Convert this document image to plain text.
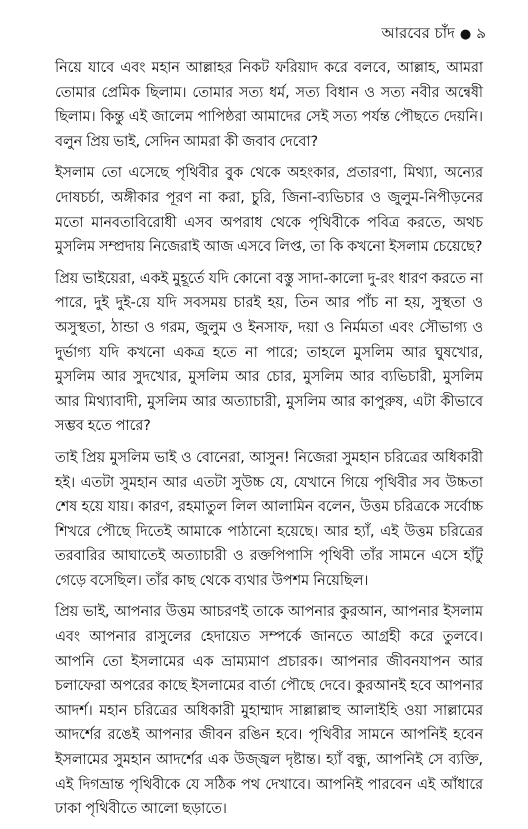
আরবের চাঁদ ● ৯

নিয়ে যাবে এবং মহান আল্লাহর নিকট ফরিয়াদ করে বলবে, আল্লাহ, আমরা তোমার প্রেমিক ছিলাম। তোমার সত্য ধর্ম, সত্য বিধান ও সত্য নবীর অন্বেষী ছিলাম। কিন্তু এই জালেম পাপিষ্ঠরা আমাদের সেই সত্য পর্যন্ত পৌছতে দেয়নি। বলুন প্রিয় ভাই, সেদিন আমরা কী জবাব দেবো?

ইসলাম তো এসেছে পৃথিবীর বুক থেকে অহংকার, প্রতারণা, মিথ্যা, অন্যের দোষচর্চা, অঙ্গীকার পূরণ না করা, চুরি, জিনা-ব্যভিচার ও জুলুম-নিপীড়নের মতো মানবতাবিরোধী এসব অপরাধ থেকে পৃথিবীকে পবিত্র করতে, অথচ মুসলিম সম্প্রদায় নিজেরাই আজ এসবে লিপ্ত, তা কি কখনো ইসলাম চেয়েছে?

প্রিয় ভাইয়েরা, একই মুহূর্তে যদি কোনো বস্তু সাদা-কালো দু-রং ধারণ করতে না পারে, দুই দুই-য়ে যদি সবসময় চারই হয়, তিন আর পাঁচ না হয়, সুস্থতা ও অসুস্থতা, ঠান্ডা ও গরম, জুলুম ও ইনসাফ, দয়া ও নির্মমতা এবং সৌভাগ্য ও দুর্ভাগ্য যদি কখনো একত্র হতে না পারে; তাহলে মুসলিম আর ঘুষখোর, মুসলিম আর সুদখোর, মুসলিম আর চোর, মুসলিম আর ব্যভিচারী, মুসলিম আর মিথ্যাবাদী, মুসলিম আর অত্যাচারী, মুসলিম আর কাপুরুষ, এটা কীভাবে সম্ভব হতে পারে?

তাই প্রিয় মুসলিম ভাই ও বোনেরা, আসুন! নিজেরা সুমহান চরিত্রের অধিকারী হই। এতটা সুমহান আর এতটা সুউচ্চ যে, যেখানে গিয়ে পৃথিবীর সব উচ্চতা শেষ হয়ে যায়। কারণ, রহমাতুল লিল আলামিন বলেন, উত্তম চরিত্রকে সর্বোচ্চ শিখরে পৌছে দিতেই আমাকে পাঠানো হয়েছে। আর হ্যাঁ, এই উত্তম চরিত্রের তরবারির আঘাতেই অত্যাচারী ও রক্তপিপাসি পৃথিবী তাঁর সামনে এসে হাঁটু গেড়ে বসেছিল। তাঁর কাছ থেকে ব্যথার উপশম নিয়েছিল।

প্রিয় ভাই, আপনার উত্তম আচরণই তাকে আপনার কুরআন, আপনার ইসলাম এবং আপনার রাসুলের হেদায়েত সম্পর্কে জানতে আগ্রহী করে তুলবে। আপনি তো ইসলামের এক ভ্রাম্যমাণ প্রচারক। আপনার জীবনযাপন আর চলাফেরা অপরের কাছে ইসলামের বার্তা পৌছে দেবে। কুরআনই হবে আপনার আদর্শ। মহান চরিত্রের অধিকারী মুহাম্মাদ সাল্লাল্লাহু আলাইহি ওয়া সাল্লামের আদর্শের রঙেই আপনার জীবন রঙিন হবে। পৃথিবীর সামনে আপনিই হবেন ইসলামের সুমহান আদর্শের এক উজ্জ্বল দৃষ্টান্ত। হ্যাঁ বন্ধু, আপনিই সে ব্যক্তি, এই দিগভ্রান্ত পৃথিবীকে যে সঠিক পথ দেখাবে। আপনিই পারবেন এই আঁধারে ঢাকা পৃথিবীতে আলো ছড়াতে।
